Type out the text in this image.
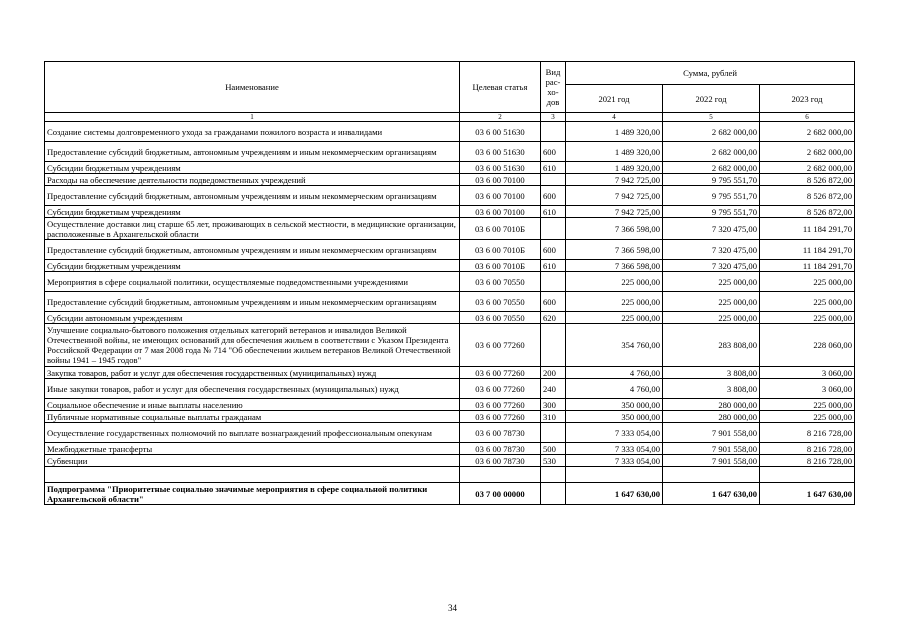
Наименование	Целевая статья	Вид рас-хо-дов	Сумма, рублей		
			2021 год	2022 год	2023 год
1	2	3	4	5	6
Создание системы долговременного ухода за гражданами пожилого возраста и инвалидами	03 6 00 51630		1 489 320,00	2 682 000,00	2 682 000,00
Предоставление субсидий бюджетным, автономным учреждениям и иным некоммерческим организациям	03 6 00 51630	600	1 489 320,00	2 682 000,00	2 682 000,00
Субсидии бюджетным учреждениям	03 6 00 51630	610	1 489 320,00	2 682 000,00	2 682 000,00
Расходы на обеспечение деятельности подведомственных учреждений	03 6 00 70100		7 942 725,00	9 795 551,70	8 526 872,00
Предоставление субсидий бюджетным, автономным учреждениям и иным некоммерческим организациям	03 6 00 70100	600	7 942 725,00	9 795 551,70	8 526 872,00
Субсидии бюджетным учреждениям	03 6 00 70100	610	7 942 725,00	9 795 551,70	8 526 872,00
Осуществление доставки лиц старше 65 лет, проживающих в сельской местности, в медицинские организации, расположенные в Архангельской области	03 6 00 7010Б		7 366 598,00	7 320 475,00	11 184 291,70
Предоставление субсидий бюджетным, автономным учреждениям и иным некоммерческим организациям	03 6 00 7010Б	600	7 366 598,00	7 320 475,00	11 184 291,70
Субсидии бюджетным учреждениям	03 6 00 7010Б	610	7 366 598,00	7 320 475,00	11 184 291,70
Мероприятия в сфере социальной политики, осуществляемые подведомственными учреждениями	03 6 00 70550		225 000,00	225 000,00	225 000,00
Предоставление субсидий бюджетным, автономным учреждениям и иным некоммерческим организациям	03 6 00 70550	600	225 000,00	225 000,00	225 000,00
Субсидии автономным учреждениям	03 6 00 70550	620	225 000,00	225 000,00	225 000,00
Улучшение социально-бытового положения отдельных категорий ветеранов и инвалидов Великой Отечественной войны, не имеющих оснований для обеспечения жильем в соответствии с Указом Президента Российской Федерации от 7 мая 2008 года № 714 "Об обеспечении жильем ветеранов Великой Отечественной войны 1941 – 1945 годов"	03 6 00 77260		354 760,00	283 808,00	228 060,00
Закупка товаров, работ и услуг для обеспечения государственных (муниципальных) нужд	03 6 00 77260	200	4 760,00	3 808,00	3 060,00
Иные закупки товаров, работ и услуг для обеспечения государственных (муниципальных) нужд	03 6 00 77260	240	4 760,00	3 808,00	3 060,00
Социальное обеспечение и иные выплаты населению	03 6 00 77260	300	350 000,00	280 000,00	225 000,00
Публичные нормативные социальные выплаты гражданам	03 6 00 77260	310	350 000,00	280 000,00	225 000,00
Осуществление государственных полномочий по выплате вознаграждений профессиональным опекунам	03 6 00 78730		7 333 054,00	7 901 558,00	8 216 728,00
Межбюджетные трансферты	03 6 00 78730	500	7 333 054,00	7 901 558,00	8 216 728,00
Субвенции	03 6 00 78730	530	7 333 054,00	7 901 558,00	8 216 728,00

Подпрограмма "Приоритетные социально значимые мероприятия в сфере социальной политики Архангельской области"	03 7 00 00000		1 647 630,00	1 647 630,00	1 647 630,00
34
